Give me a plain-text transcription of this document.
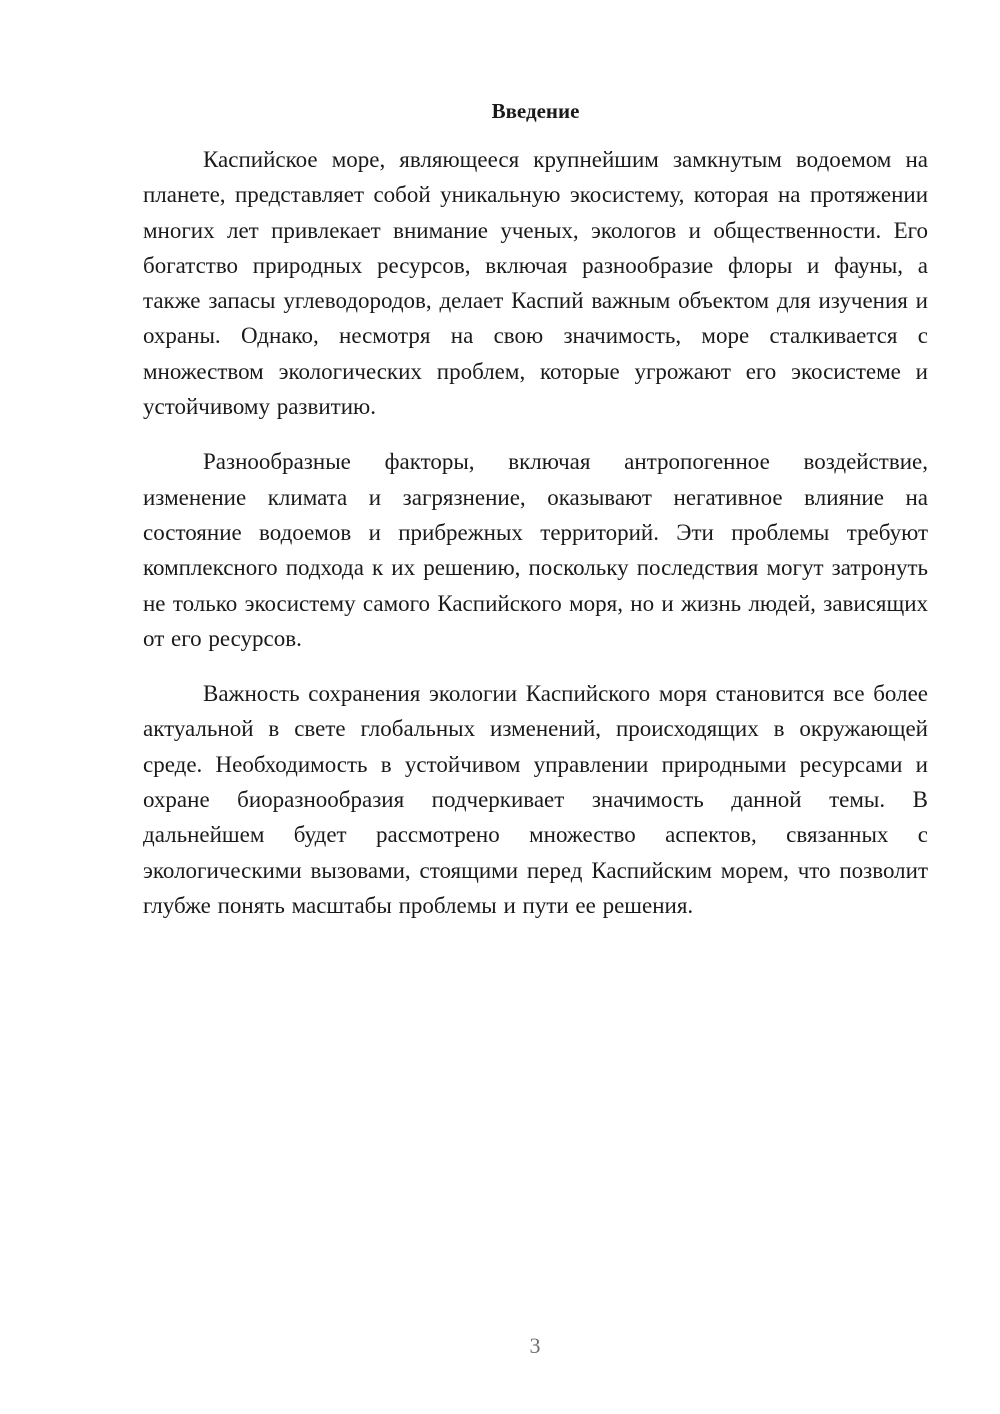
Введение

Каспийское море, являющееся крупнейшим замкнутым водоемом на планете, представляет собой уникальную экосистему, которая на протяжении многих лет привлекает внимание ученых, экологов и общественности. Его богатство природных ресурсов, включая разнообразие флоры и фауны, а также запасы углеводородов, делает Каспий важным объектом для изучения и охраны. Однако, несмотря на свою значимость, море сталкивается с множеством экологических проблем, которые угрожают его экосистеме и устойчивому развитию.

Разнообразные факторы, включая антропогенное воздействие, изменение климата и загрязнение, оказывают негативное влияние на состояние водоемов и прибрежных территорий. Эти проблемы требуют комплексного подхода к их решению, поскольку последствия могут затронуть не только экосистему самого Каспийского моря, но и жизнь людей, зависящих от его ресурсов.

Важность сохранения экологии Каспийского моря становится все более актуальной в свете глобальных изменений, происходящих в окружающей среде. Необходимость в устойчивом управлении природными ресурсами и охране биоразнообразия подчеркивает значимость данной темы. В дальнейшем будет рассмотрено множество аспектов, связанных с экологическими вызовами, стоящими перед Каспийским морем, что позволит глубже понять масштабы проблемы и пути ее решения.

3
